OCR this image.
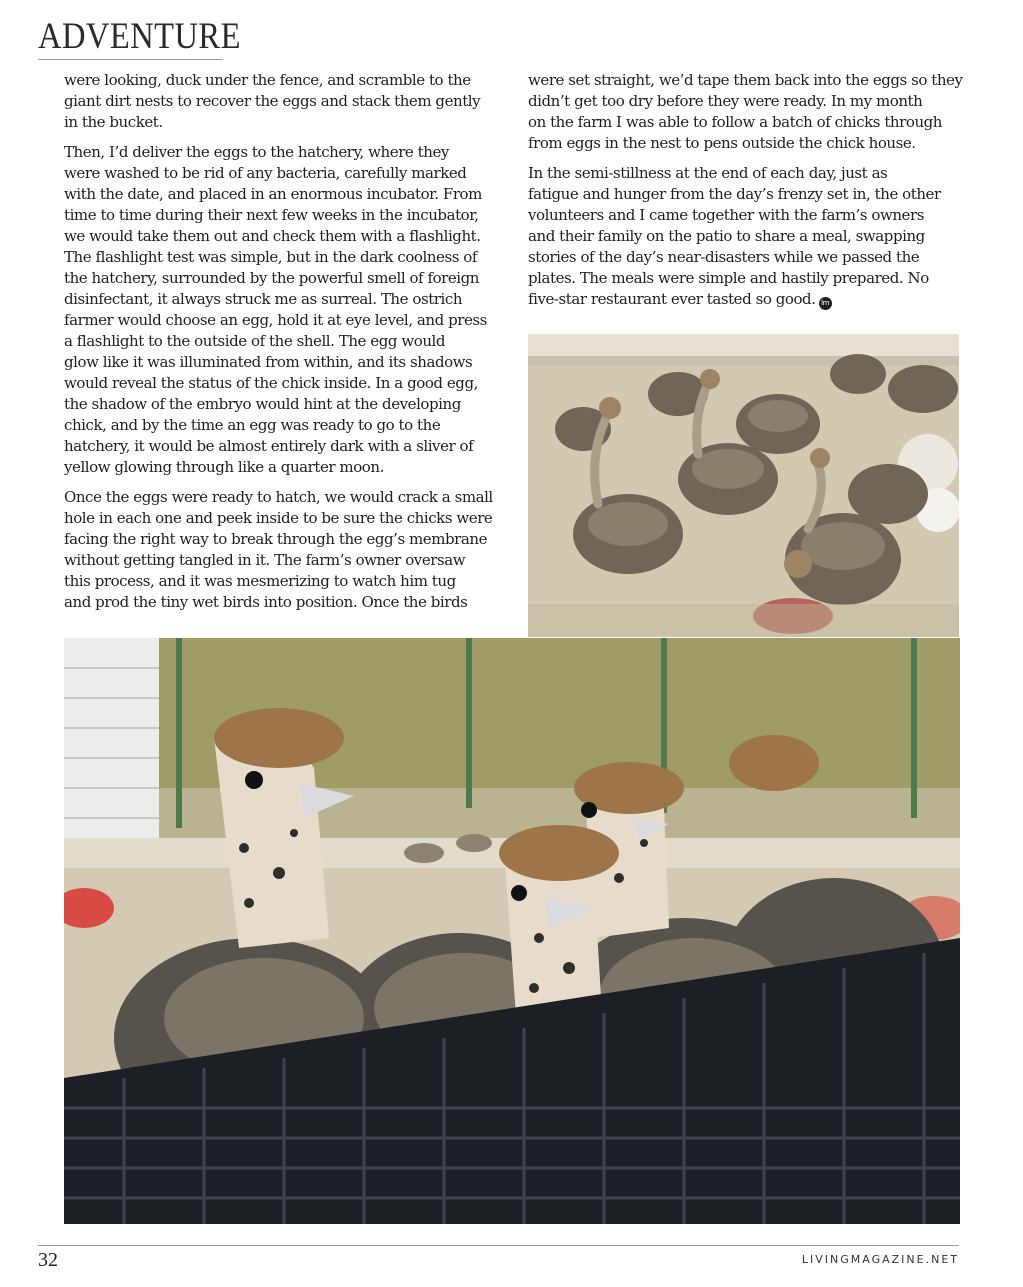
ADVENTURE

were looking, duck under the fence, and scramble to the
giant dirt nests to recover the eggs and stack them gently
in the bucket.

Then, I’d deliver the eggs to the hatchery, where they
were washed to be rid of any bacteria, carefully marked
with the date, and placed in an enormous incubator. From
time to time during their next few weeks in the incubator,
we would take them out and check them with a flashlight.
The flashlight test was simple, but in the dark coolness of
the hatchery, surrounded by the powerful smell of foreign
disinfectant, it always struck me as surreal. The ostrich
farmer would choose an egg, hold it at eye level, and press
a flashlight to the outside of the shell. The egg would
glow like it was illuminated from within, and its shadows
would reveal the status of the chick inside. In a good egg,
the shadow of the embryo would hint at the developing
chick, and by the time an egg was ready to go to the
hatchery, it would be almost entirely dark with a sliver of
yellow glowing through like a quarter moon.

Once the eggs were ready to hatch, we would crack a small
hole in each one and peek inside to be sure the chicks were
facing the right way to break through the egg’s membrane
without getting tangled in it. The farm’s owner oversaw
this process, and it was mesmerizing to watch him tug
and prod the tiny wet birds into position. Once the birds

were set straight, we’d tape them back into the eggs so they
didn’t get too dry before they were ready. In my month
on the farm I was able to follow a batch of chicks through
from eggs in the nest to pens outside the chick house.

In the semi-stillness at the end of each day, just as
fatigue and hunger from the day’s frenzy set in, the other
volunteers and I came together with the farm’s owners
and their family on the patio to share a meal, swapping
stories of the day’s near-disasters while we passed the
plates. The meals were simple and hastily prepared. No
five-star restaurant ever tasted so good. lm

32	LIVINGMAGAZINE.NET
